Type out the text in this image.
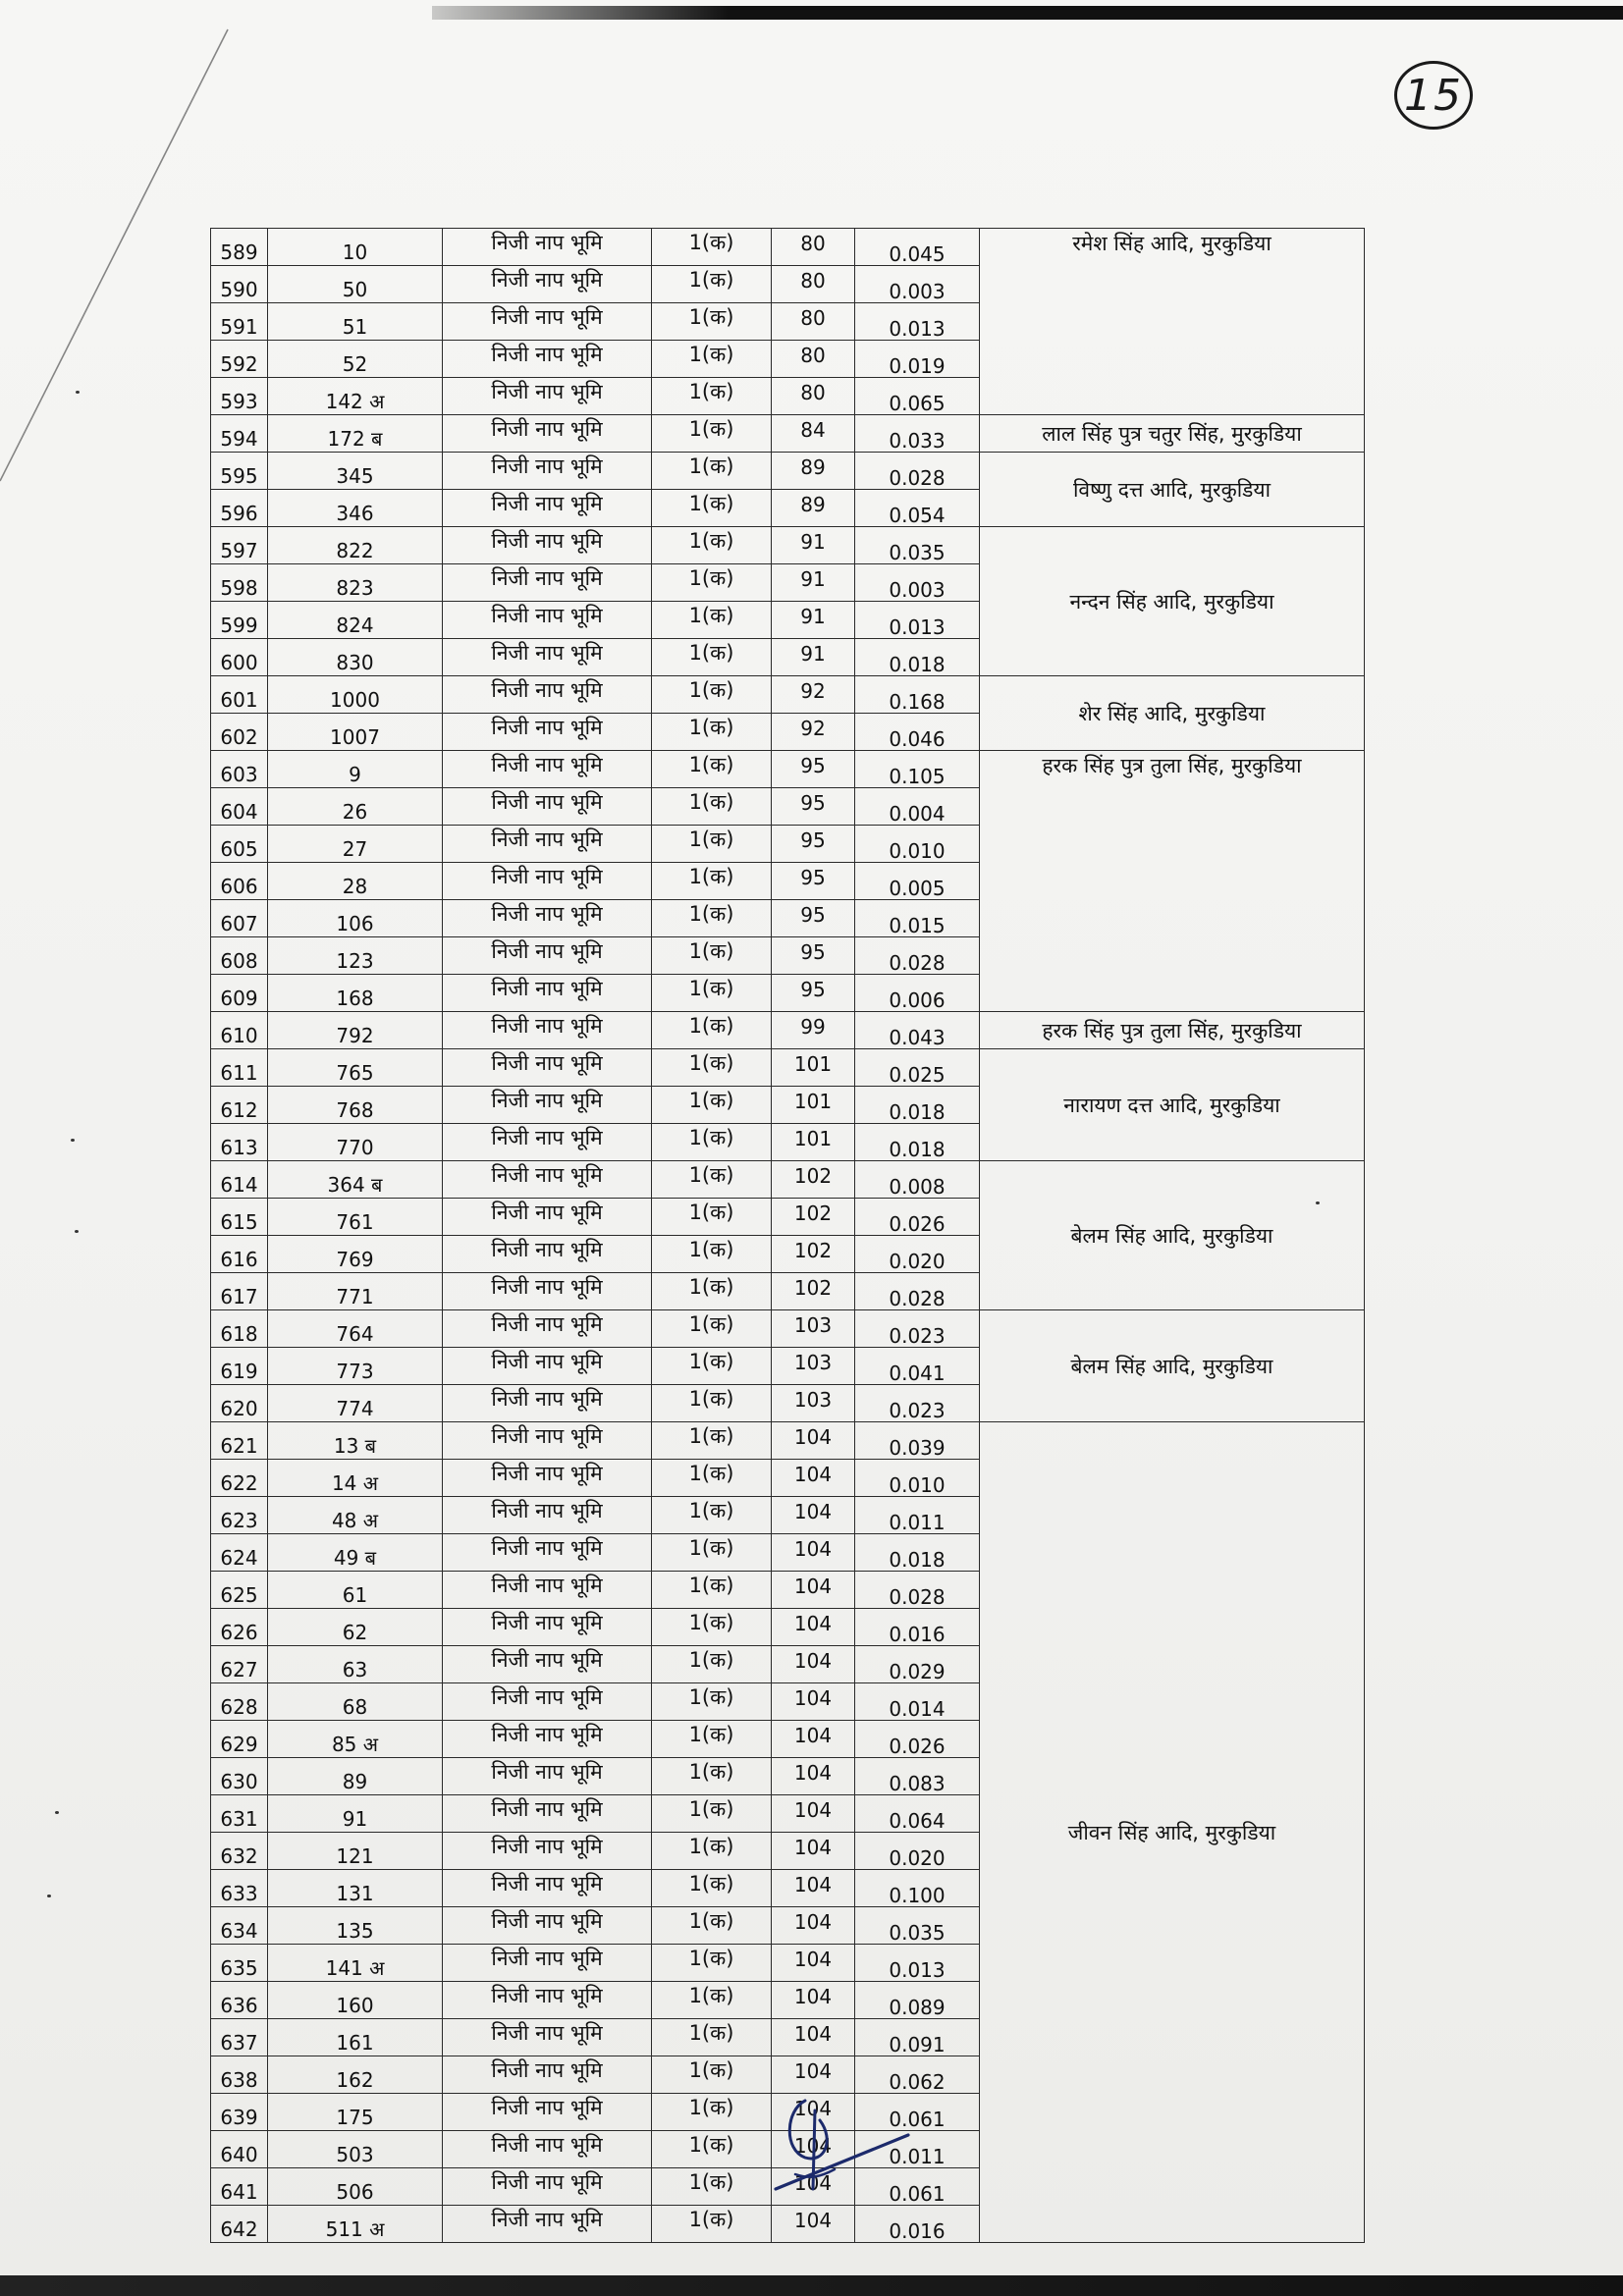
15
589	10	निजी नाप भूमि	1(क)	80	0.045	रमेश सिंह आदि, मुरकुडिया
590	50	निजी नाप भूमि	1(क)	80	0.003	
591	51	निजी नाप भूमि	1(क)	80	0.013	
592	52	निजी नाप भूमि	1(क)	80	0.019	
593	142 अ	निजी नाप भूमि	1(क)	80	0.065	
594	172 ब	निजी नाप भूमि	1(क)	84	0.033	लाल सिंह पुत्र चतुर सिंह, मुरकुडिया
595	345	निजी नाप भूमि	1(क)	89	0.028	विष्णु दत्त आदि, मुरकुडिया
596	346	निजी नाप भूमि	1(क)	89	0.054	
597	822	निजी नाप भूमि	1(क)	91	0.035	नन्दन सिंह आदि, मुरकुडिया
598	823	निजी नाप भूमि	1(क)	91	0.003	
599	824	निजी नाप भूमि	1(क)	91	0.013	
600	830	निजी नाप भूमि	1(क)	91	0.018	
601	1000	निजी नाप भूमि	1(क)	92	0.168	शेर सिंह आदि, मुरकुडिया
602	1007	निजी नाप भूमि	1(क)	92	0.046	
603	9	निजी नाप भूमि	1(क)	95	0.105	हरक सिंह पुत्र तुला सिंह, मुरकुडिया
604	26	निजी नाप भूमि	1(क)	95	0.004	
605	27	निजी नाप भूमि	1(क)	95	0.010	
606	28	निजी नाप भूमि	1(क)	95	0.005	
607	106	निजी नाप भूमि	1(क)	95	0.015	
608	123	निजी नाप भूमि	1(क)	95	0.028	
609	168	निजी नाप भूमि	1(क)	95	0.006	
610	792	निजी नाप भूमि	1(क)	99	0.043	हरक सिंह पुत्र तुला सिंह, मुरकुडिया
611	765	निजी नाप भूमि	1(क)	101	0.025	नारायण दत्त आदि, मुरकुडिया
612	768	निजी नाप भूमि	1(क)	101	0.018	
613	770	निजी नाप भूमि	1(क)	101	0.018	
614	364 ब	निजी नाप भूमि	1(क)	102	0.008	बेलम सिंह आदि, मुरकुडिया
615	761	निजी नाप भूमि	1(क)	102	0.026	
616	769	निजी नाप भूमि	1(क)	102	0.020	
617	771	निजी नाप भूमि	1(क)	102	0.028	
618	764	निजी नाप भूमि	1(क)	103	0.023	बेलम सिंह आदि, मुरकुडिया
619	773	निजी नाप भूमि	1(क)	103	0.041	
620	774	निजी नाप भूमि	1(क)	103	0.023	
621	13 ब	निजी नाप भूमि	1(क)	104	0.039	जीवन सिंह आदि, मुरकुडिया
622	14 अ	निजी नाप भूमि	1(क)	104	0.010	
623	48 अ	निजी नाप भूमि	1(क)	104	0.011	
624	49 ब	निजी नाप भूमि	1(क)	104	0.018	
625	61	निजी नाप भूमि	1(क)	104	0.028	
626	62	निजी नाप भूमि	1(क)	104	0.016	
627	63	निजी नाप भूमि	1(क)	104	0.029	
628	68	निजी नाप भूमि	1(क)	104	0.014	
629	85 अ	निजी नाप भूमि	1(क)	104	0.026	
630	89	निजी नाप भूमि	1(क)	104	0.083	
631	91	निजी नाप भूमि	1(क)	104	0.064	
632	121	निजी नाप भूमि	1(क)	104	0.020	
633	131	निजी नाप भूमि	1(क)	104	0.100	
634	135	निजी नाप भूमि	1(क)	104	0.035	
635	141 अ	निजी नाप भूमि	1(क)	104	0.013	
636	160	निजी नाप भूमि	1(क)	104	0.089	
637	161	निजी नाप भूमि	1(क)	104	0.091	
638	162	निजी नाप भूमि	1(क)	104	0.062	
639	175	निजी नाप भूमि	1(क)	104	0.061	
640	503	निजी नाप भूमि	1(क)	104	0.011	
641	506	निजी नाप भूमि	1(क)	104	0.061	
642	511 अ	निजी नाप भूमि	1(क)	104	0.016	
